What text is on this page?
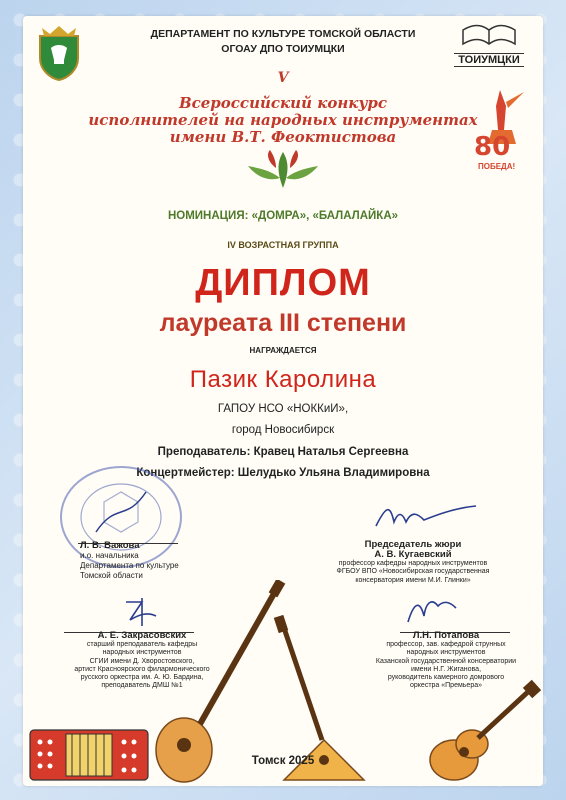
ДЕПАРТАМЕНТ ПО КУЛЬТУРЕ ТОМСКОЙ ОБЛАСТИ
ОГОАУ ДПО ТОИУМЦКИ
ТОИУМЦКИ
V
Всероссийский конкурс
исполнителей на народных инструментах
имени В.Т. Феоктистова	80
ПОБЕДА!
НОМИНАЦИЯ: «ДОМРА», «БАЛАЛАЙКА»
IV ВОЗРАСТНАЯ ГРУППА
ДИПЛОМ
лауреата III степени
НАГРАЖДАЕТСЯ
Пазик Каролина
ГАПОУ НСО «НОККиИ»,
город Новосибирск
Преподаватель: Кравец Наталья Сергеевна
Концертмейстер: Шелудько Ульяна Владимировна
Л. В. Важова
и.о. начальника
Департамента по культуре
Томской области
Председатель жюри
А. В. Кугаевский
профессор кафедры народных инструментов
ФГБОУ ВПО «Новосибирская государственная
консерватория имени М.И. Глинки»
А. Е. Закрасовских
старший преподаватель кафедры
народных инструментов
СГИИ имени Д. Хворостовского,
артист Красноярского филармонического
русского оркестра им. А. Ю. Бардина,
преподаватель ДМШ №1
Л.Н. Потапова
профессор, зав. кафедрой струнных
народных инструментов
Казанской государственной консерватории
имени Н.Г. Жиганова,
руководитель камерного домрового
оркестра «Премьера»
Томск 2025
